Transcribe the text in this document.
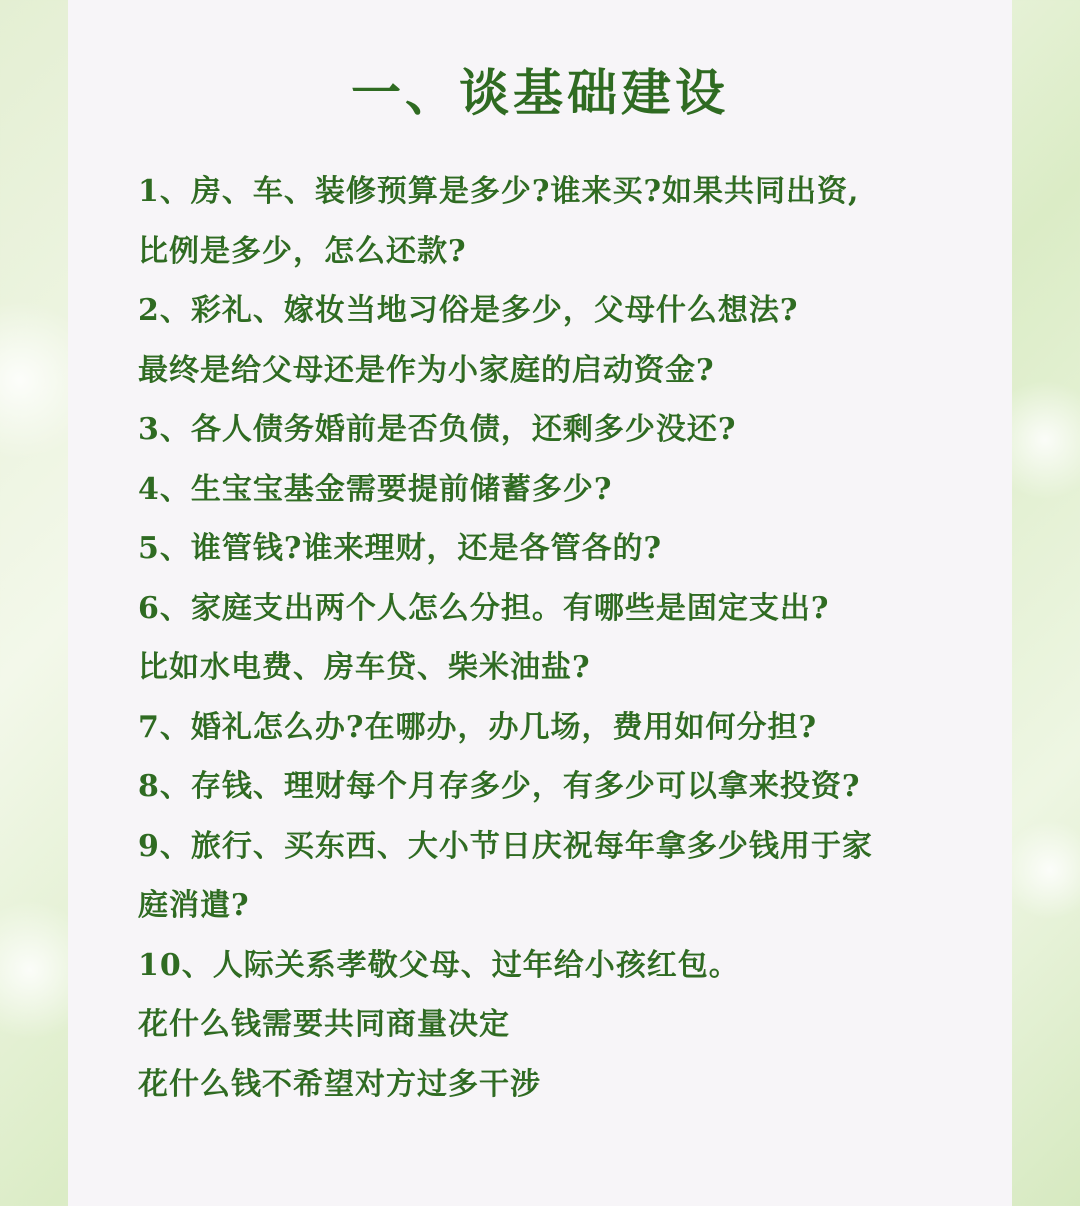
一、谈基础建设
1、房、车、装修预算是多少?谁来买?如果共同出资,
比例是多少，怎么还款?
2、彩礼、嫁妆当地习俗是多少，父母什么想法?
最终是给父母还是作为小家庭的启动资金?
3、各人债务婚前是否负债，还剩多少没还?
4、生宝宝基金需要提前储蓄多少?
5、谁管钱?谁来理财，还是各管各的?
6、家庭支出两个人怎么分担。有哪些是固定支出?
比如水电费、房车贷、柴米油盐?
7、婚礼怎么办?在哪办，办几场，费用如何分担?
8、存钱、理财每个月存多少，有多少可以拿来投资?
9、旅行、买东西、大小节日庆祝每年拿多少钱用于家
庭消遣?
10、人际关系孝敬父母、过年给小孩红包。
花什么钱需要共同商量决定
花什么钱不希望对方过多干涉
